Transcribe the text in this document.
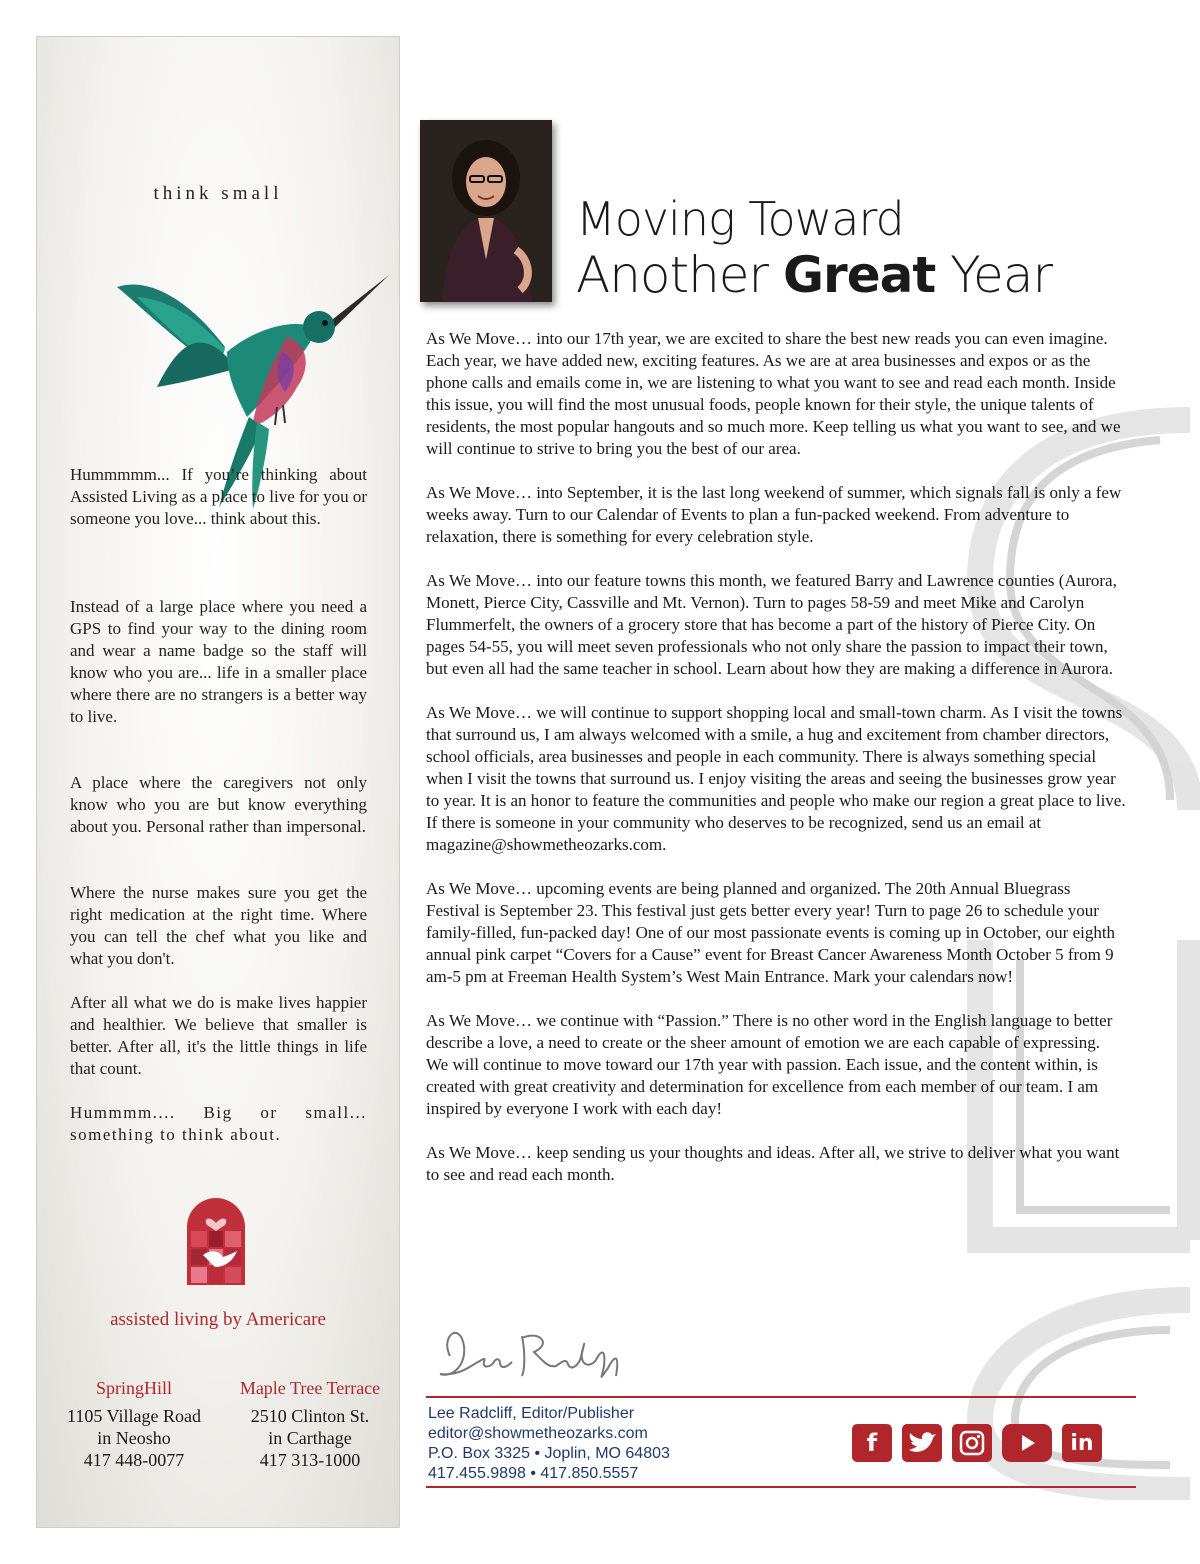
think small

Hummmmm... If you’re thinking about Assisted Living as a place to live for you or someone you love... think about this.

Instead of a large place where you need a GPS to find your way to the dining room and wear a name badge so the staff will know who you are... life in a smaller place where there are no strangers is a better way to live.

A place where the caregivers not only know who you are but know everything about you. Personal rather than impersonal.

Where the nurse makes sure you get the right medication at the right time. Where you can tell the chef what you like and what you don't.

After all what we do is make lives happier and healthier. We believe that smaller is better. After all, it's the little things in life that count.

Hummmm.... Big or small... something to think about.

assisted living by Americare
SpringHill
1105 Village Road
in Neosho
417 448-0077
Maple Tree Terrace
2510 Clinton St.
in Carthage
417 313-1000
Moving Toward
Another Great Year

As We Move… into our 17th year, we are excited to share the best new reads you can even imagine. Each year, we have added new, exciting features. As we are at area businesses and expos or as the phone calls and emails come in, we are listening to what you want to see and read each month. Inside this issue, you will find the most unusual foods, people known for their style, the unique talents of residents, the most popular hangouts and so much more. Keep telling us what you want to see, and we will continue to strive to bring you the best of our area.

As We Move… into September, it is the last long weekend of summer, which signals fall is only a few weeks away. Turn to our Calendar of Events to plan a fun-packed weekend. From adventure to relaxation, there is something for every celebration style.

As We Move… into our feature towns this month, we featured Barry and Lawrence counties (Aurora, Monett, Pierce City, Cassville and Mt. Vernon). Turn to pages 58-59 and meet Mike and Carolyn Flummerfelt, the owners of a grocery store that has become a part of the history of Pierce City. On pages 54-55, you will meet seven professionals who not only share the passion to impact their town, but even all had the same teacher in school. Learn about how they are making a difference in Aurora.

As We Move… we will continue to support shopping local and small-town charm. As I visit the towns that surround us, I am always welcomed with a smile, a hug and excitement from chamber directors, school officials, area businesses and people in each community. There is always something special when I visit the towns that surround us. I enjoy visiting the areas and seeing the businesses grow year to year. It is an honor to feature the communities and people who make our region a great place to live. If there is someone in your community who deserves to be recognized, send us an email at magazine@showmetheozarks.com.

As We Move… upcoming events are being planned and organized. The 20th Annual Bluegrass Festival is September 23. This festival just gets better every year! Turn to page 26 to schedule your family-filled, fun-packed day! One of our most passionate events is coming up in October, our eighth annual pink carpet “Covers for a Cause” event for Breast Cancer Awareness Month October 5 from 9 am-5 pm at Freeman Health System’s West Main Entrance. Mark your calendars now!

As We Move… we continue with “Passion.” There is no other word in the English language to better describe a love, a need to create or the sheer amount of emotion we are each capable of expressing. We will continue to move toward our 17th year with passion. Each issue, and the content within, is created with great creativity and determination for excellence from each member of our team. I am inspired by everyone I work with each day!

As We Move… keep sending us your thoughts and ideas. After all, we strive to deliver what you want to see and read each month.

Lee Radcliff, Editor/Publisher
editor@showmetheozarks.com
P.O. Box 3325 • Joplin, MO 64803
417.455.9898 • 417.850.5557
f	in
